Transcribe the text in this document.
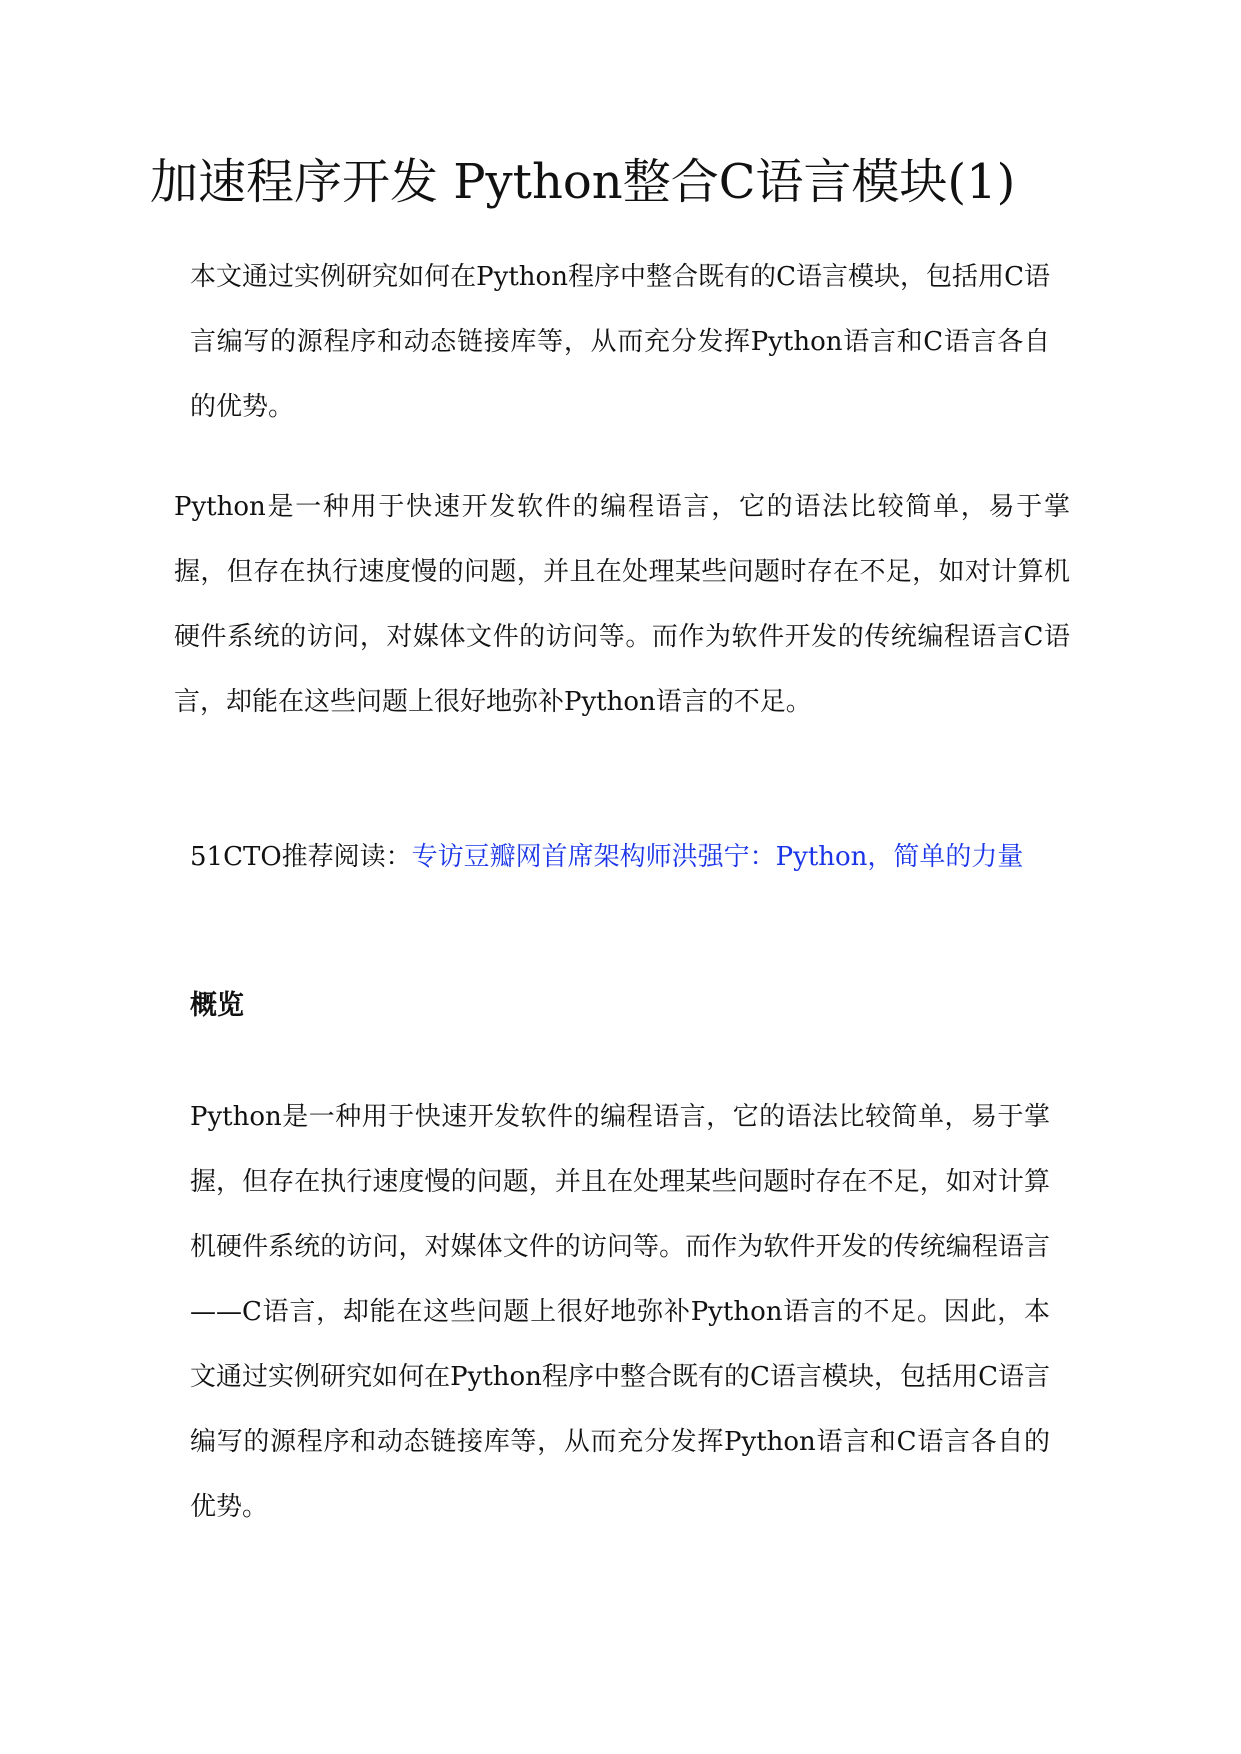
加速程序开发 Python整合C语言模块(1)

本文通过实例研究如何在Python程序中整合既有的C语言模块，包括用C语言编写的源程序和动态链接库等，从而充分发挥Python语言和C语言各自的优势。

Python是一种用于快速开发软件的编程语言，它的语法比较简单，易于掌握，但存在执行速度慢的问题，并且在处理某些问题时存在不足，如对计算机硬件系统的访问，对媒体文件的访问等。而作为软件开发的传统编程语言C语言，却能在这些问题上很好地弥补Python语言的不足。

51CTO推荐阅读：专访豆瓣网首席架构师洪强宁：Python，简单的力量

概览

Python是一种用于快速开发软件的编程语言，它的语法比较简单，易于掌握，但存在执行速度慢的问题，并且在处理某些问题时存在不足，如对计算机硬件系统的访问，对媒体文件的访问等。而作为软件开发的传统编程语言——C语言，却能在这些问题上很好地弥补Python语言的不足。因此，本文通过实例研究如何在Python程序中整合既有的C语言模块，包括用C语言编写的源程序和动态链接库等，从而充分发挥Python语言和C语言各自的优势。
